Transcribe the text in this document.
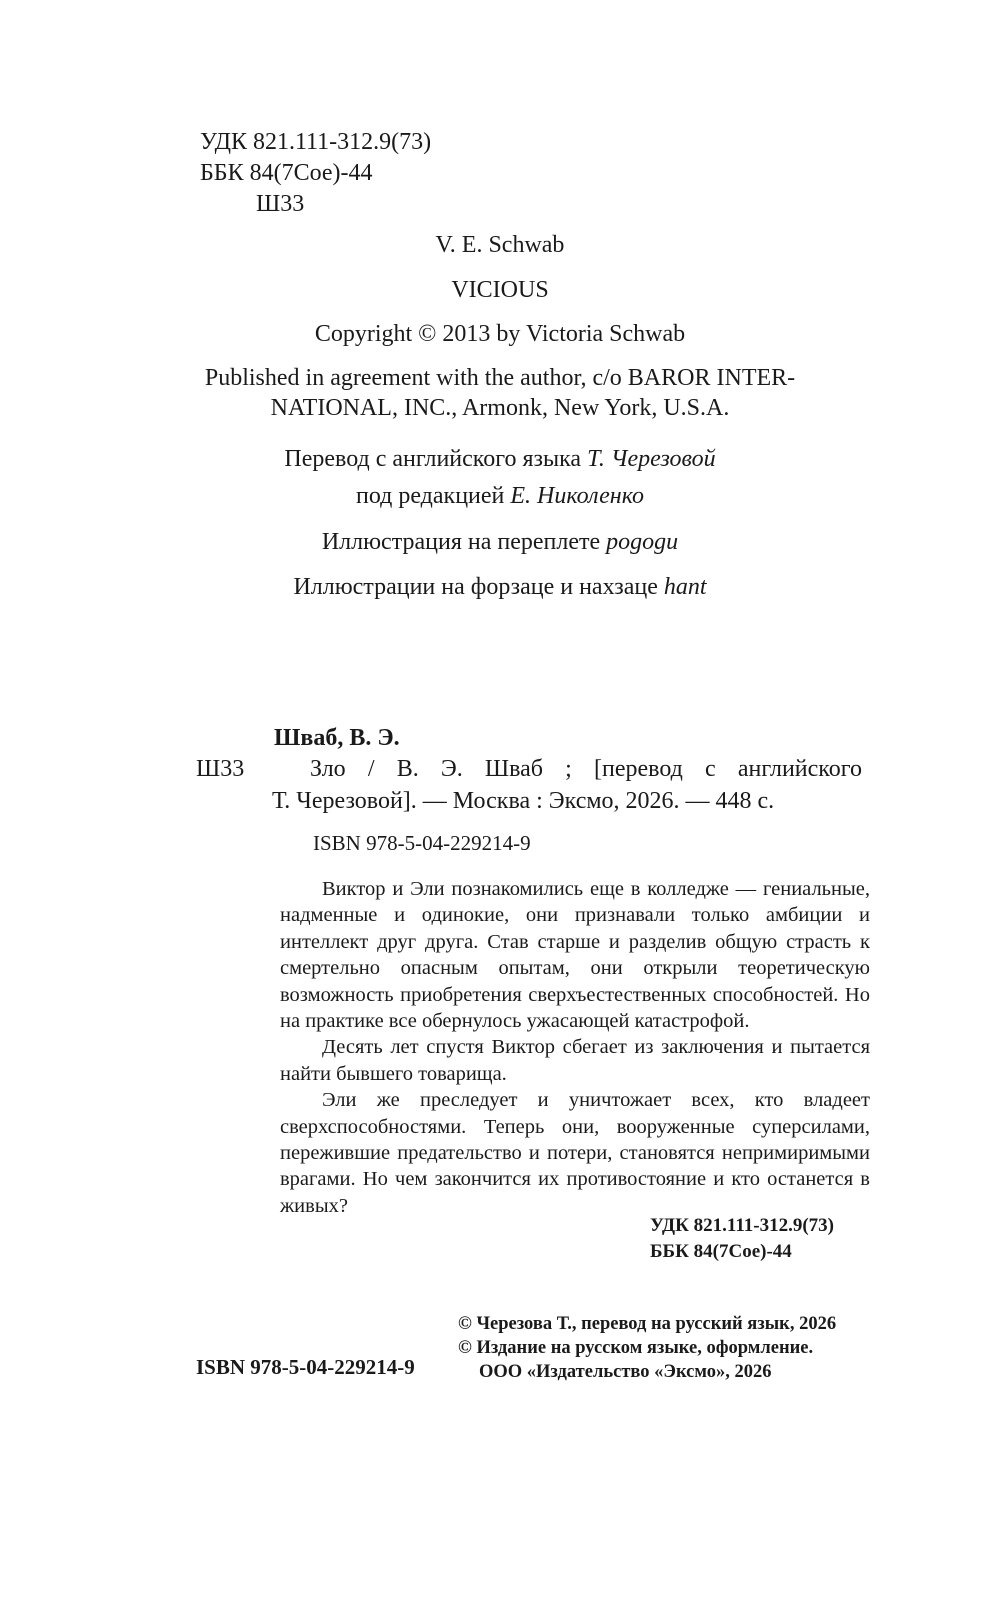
УДК 821.111-312.9(73)
ББК 84(7Сое)-44
Ш33
V. E. Schwab
VICIOUS
Copyright © 2013 by Victoria Schwab
Published in agreement with the author, c/o BAROR INTER-
NATIONAL, INC., Armonk, New York, U.S.A.
Перевод с английского языка Т. Черезовой
под редакцией Е. Николенко
Иллюстрация на переплете pogogu
Иллюстрации на форзаце и нахзаце hant
Шваб, В. Э.
Ш33	Зло / В. Э. Шваб ; [перевод с английского
Т. Черезовой]. — Москва : Эксмо, 2026. — 448 с.
ISBN 978-5-04-229214-9

Виктор и Эли познакомились еще в колледже — гениальные, надменные и одинокие, они признавали только амбиции и интеллект друг друга. Став старше и разделив общую страсть к смертельно опасным опытам, они открыли теоретическую возможность приобретения сверхъестественных способностей. Но на практике все обернулось ужасающей катастрофой.

Десять лет спустя Виктор сбегает из заключения и пытается найти бывшего товарища.

Эли же преследует и уничтожает всех, кто владеет сверхспособностями. Теперь они, вооруженные суперсилами, пережившие предательство и потери, становятся непримиримыми врагами. Но чем закончится их противостояние и кто останется в живых?

УДК 821.111-312.9(73)
ББК 84(7Сое)-44
ISBN 978-5-04-229214-9
© Черезова Т., перевод на русский язык, 2026
© Издание на русском языке, оформление.
ООО «Издательство «Эксмо», 2026
